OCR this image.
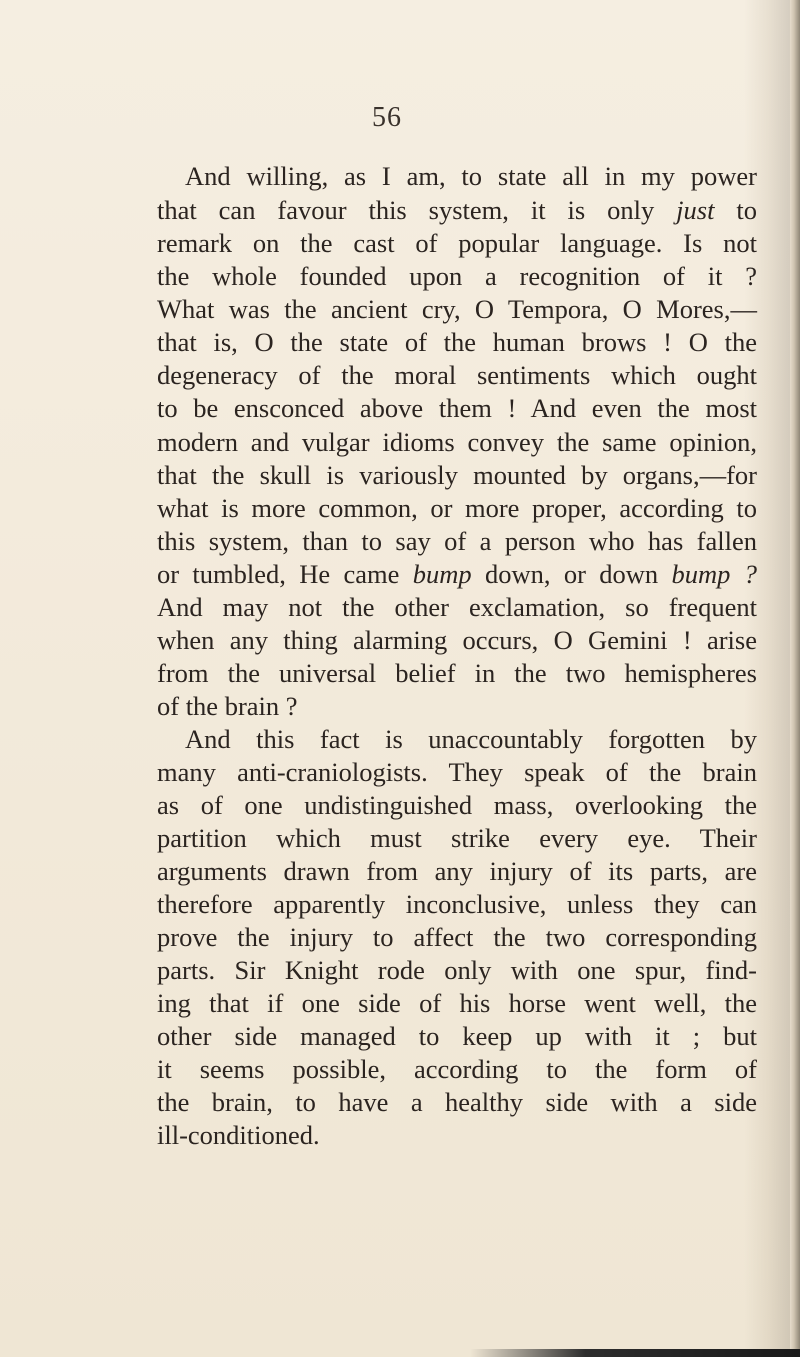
56
And willing, as I am, to state all in my power
that can favour this system, it is only just to
remark on the cast of popular language. Is not
the whole founded upon a recognition of it ?
What was the ancient cry, O Tempora, O Mores,—
that is, O the state of the human brows ! O the
degeneracy of the moral sentiments which ought
to be ensconced above them ! And even the most
modern and vulgar idioms convey the same opinion,
that the skull is variously mounted by organs,—for
what is more common, or more proper, according to
this system, than to say of a person who has fallen
or tumbled, He came bump down, or down bump ?
And may not the other exclamation, so frequent
when any thing alarming occurs, O Gemini ! arise
from the universal belief in the two hemispheres
of the brain ?
And this fact is unaccountably forgotten by
many anti-craniologists. They speak of the brain
as of one undistinguished mass, overlooking the
partition which must strike every eye. Their
arguments drawn from any injury of its parts, are
therefore apparently inconclusive, unless they can
prove the injury to affect the two corresponding
parts. Sir Knight rode only with one spur, find-
ing that if one side of his horse went well, the
other side managed to keep up with it ; but
it seems possible, according to the form of
the brain, to have a healthy side with a side
ill-conditioned.
